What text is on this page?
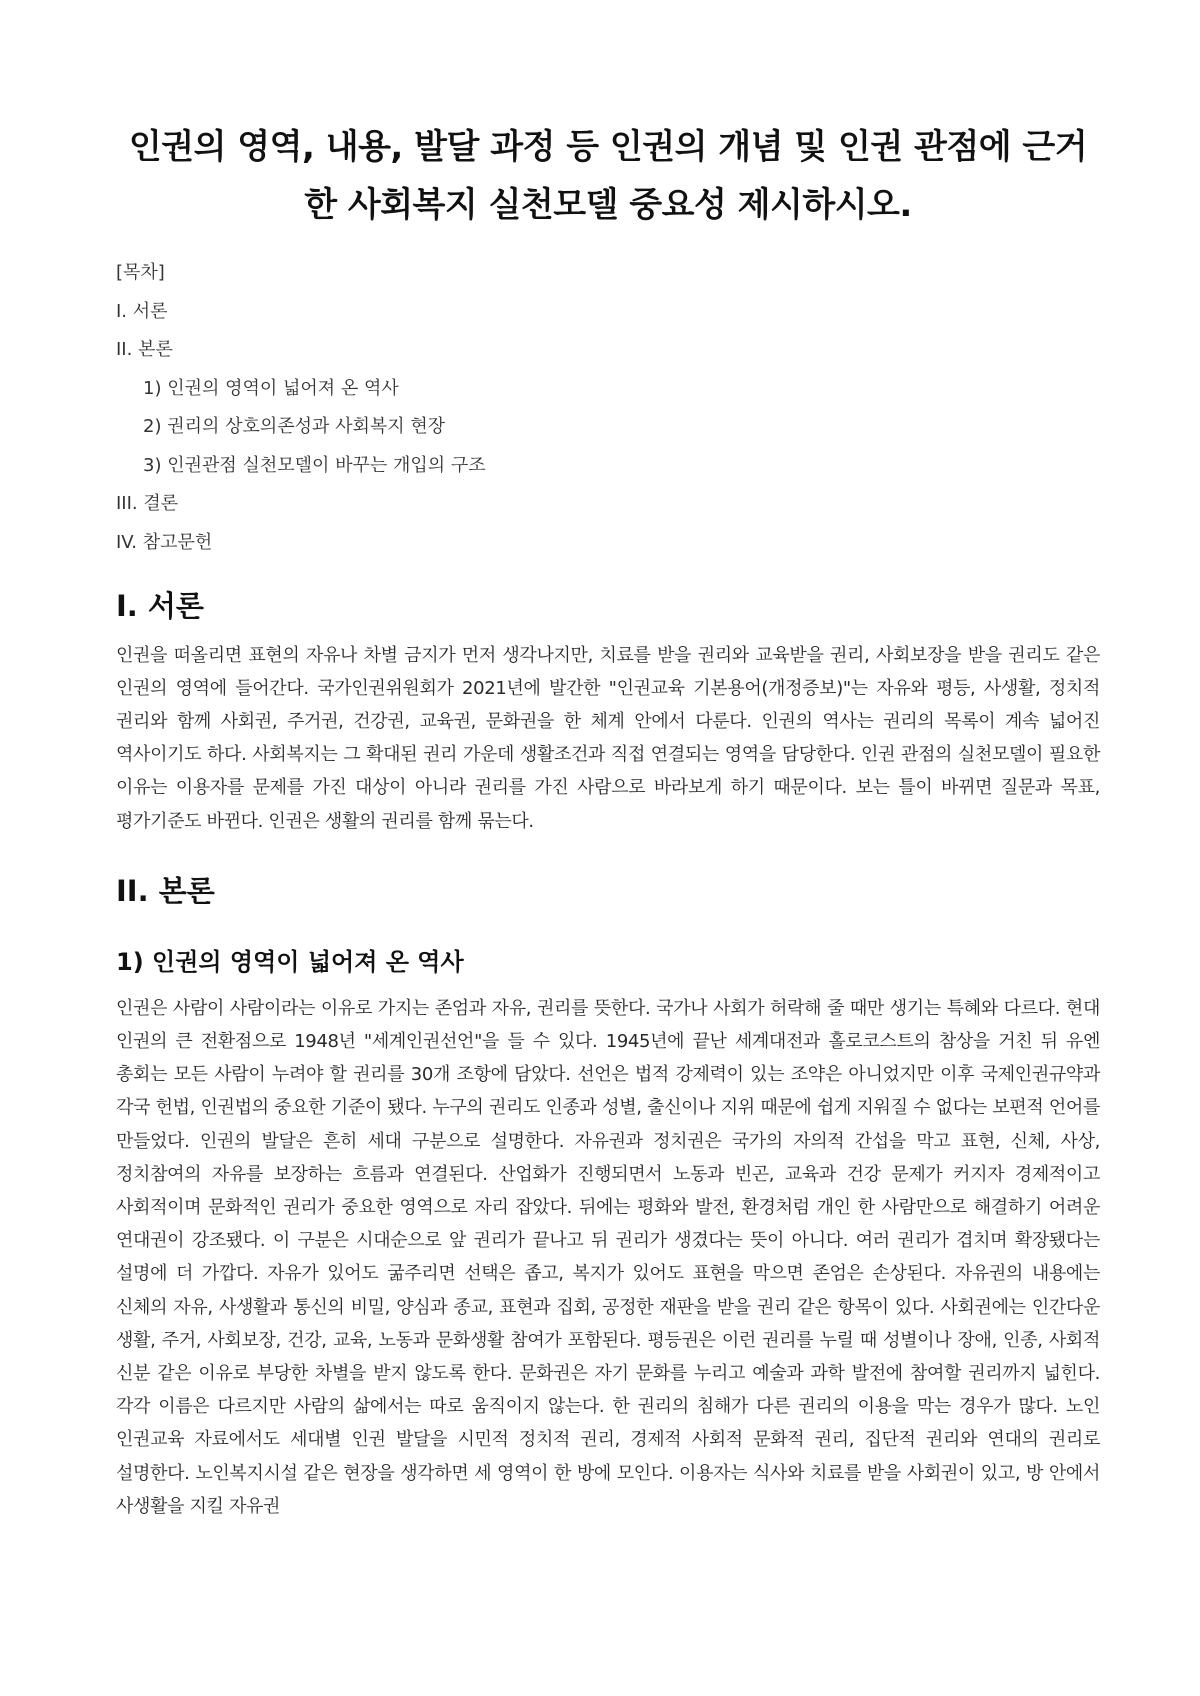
인권의 영역, 내용, 발달 과정 등 인권의 개념 및 인권 관점에 근거한 사회복지 실천모델 중요성 제시하시오.
[목차]
I. 서론
II. 본론
1) 인권의 영역이 넓어져 온 역사
2) 권리의 상호의존성과 사회복지 현장
3) 인권관점 실천모델이 바꾸는 개입의 구조
III. 결론
IV. 참고문헌
I. 서론

인권을 떠올리면 표현의 자유나 차별 금지가 먼저 생각나지만, 치료를 받을 권리와 교육받을 권리, 사회보장을 받을 권리도 같은 인권의 영역에 들어간다. 국가인권위원회가 2021년에 발간한 "인권교육 기본용어(개정증보)"는 자유와 평등, 사생활, 정치적 권리와 함께 사회권, 주거권, 건강권, 교육권, 문화권을 한 체계 안에서 다룬다. 인권의 역사는 권리의 목록이 계속 넓어진 역사이기도 하다. 사회복지는 그 확대된 권리 가운데 생활조건과 직접 연결되는 영역을 담당한다. 인권 관점의 실천모델이 필요한 이유는 이용자를 문제를 가진 대상이 아니라 권리를 가진 사람으로 바라보게 하기 때문이다. 보는 틀이 바뀌면 질문과 목표, 평가기준도 바뀐다. 인권은 생활의 권리를 함께 묶는다.

II. 본론
1) 인권의 영역이 넓어져 온 역사

인권은 사람이 사람이라는 이유로 가지는 존엄과 자유, 권리를 뜻한다. 국가나 사회가 허락해 줄 때만 생기는 특혜와 다르다. 현대 인권의 큰 전환점으로 1948년 "세계인권선언"을 들 수 있다. 1945년에 끝난 세계대전과 홀로코스트의 참상을 거친 뒤 유엔 총회는 모든 사람이 누려야 할 권리를 30개 조항에 담았다. 선언은 법적 강제력이 있는 조약은 아니었지만 이후 국제인권규약과 각국 헌법, 인권법의 중요한 기준이 됐다. 누구의 권리도 인종과 성별, 출신이나 지위 때문에 쉽게 지워질 수 없다는 보편적 언어를 만들었다. 인권의 발달은 흔히 세대 구분으로 설명한다. 자유권과 정치권은 국가의 자의적 간섭을 막고 표현, 신체, 사상, 정치참여의 자유를 보장하는 흐름과 연결된다. 산업화가 진행되면서 노동과 빈곤, 교육과 건강 문제가 커지자 경제적이고 사회적이며 문화적인 권리가 중요한 영역으로 자리 잡았다. 뒤에는 평화와 발전, 환경처럼 개인 한 사람만으로 해결하기 어려운 연대권이 강조됐다. 이 구분은 시대순으로 앞 권리가 끝나고 뒤 권리가 생겼다는 뜻이 아니다. 여러 권리가 겹치며 확장됐다는 설명에 더 가깝다. 자유가 있어도 굶주리면 선택은 좁고, 복지가 있어도 표현을 막으면 존엄은 손상된다. 자유권의 내용에는 신체의 자유, 사생활과 통신의 비밀, 양심과 종교, 표현과 집회, 공정한 재판을 받을 권리 같은 항목이 있다. 사회권에는 인간다운 생활, 주거, 사회보장, 건강, 교육, 노동과 문화생활 참여가 포함된다. 평등권은 이런 권리를 누릴 때 성별이나 장애, 인종, 사회적 신분 같은 이유로 부당한 차별을 받지 않도록 한다. 문화권은 자기 문화를 누리고 예술과 과학 발전에 참여할 권리까지 넓힌다. 각각 이름은 다르지만 사람의 삶에서는 따로 움직이지 않는다. 한 권리의 침해가 다른 권리의 이용을 막는 경우가 많다. 노인 인권교육 자료에서도 세대별 인권 발달을 시민적 정치적 권리, 경제적 사회적 문화적 권리, 집단적 권리와 연대의 권리로 설명한다. 노인복지시설 같은 현장을 생각하면 세 영역이 한 방에 모인다. 이용자는 식사와 치료를 받을 사회권이 있고, 방 안에서 사생활을 지킬 자유권
